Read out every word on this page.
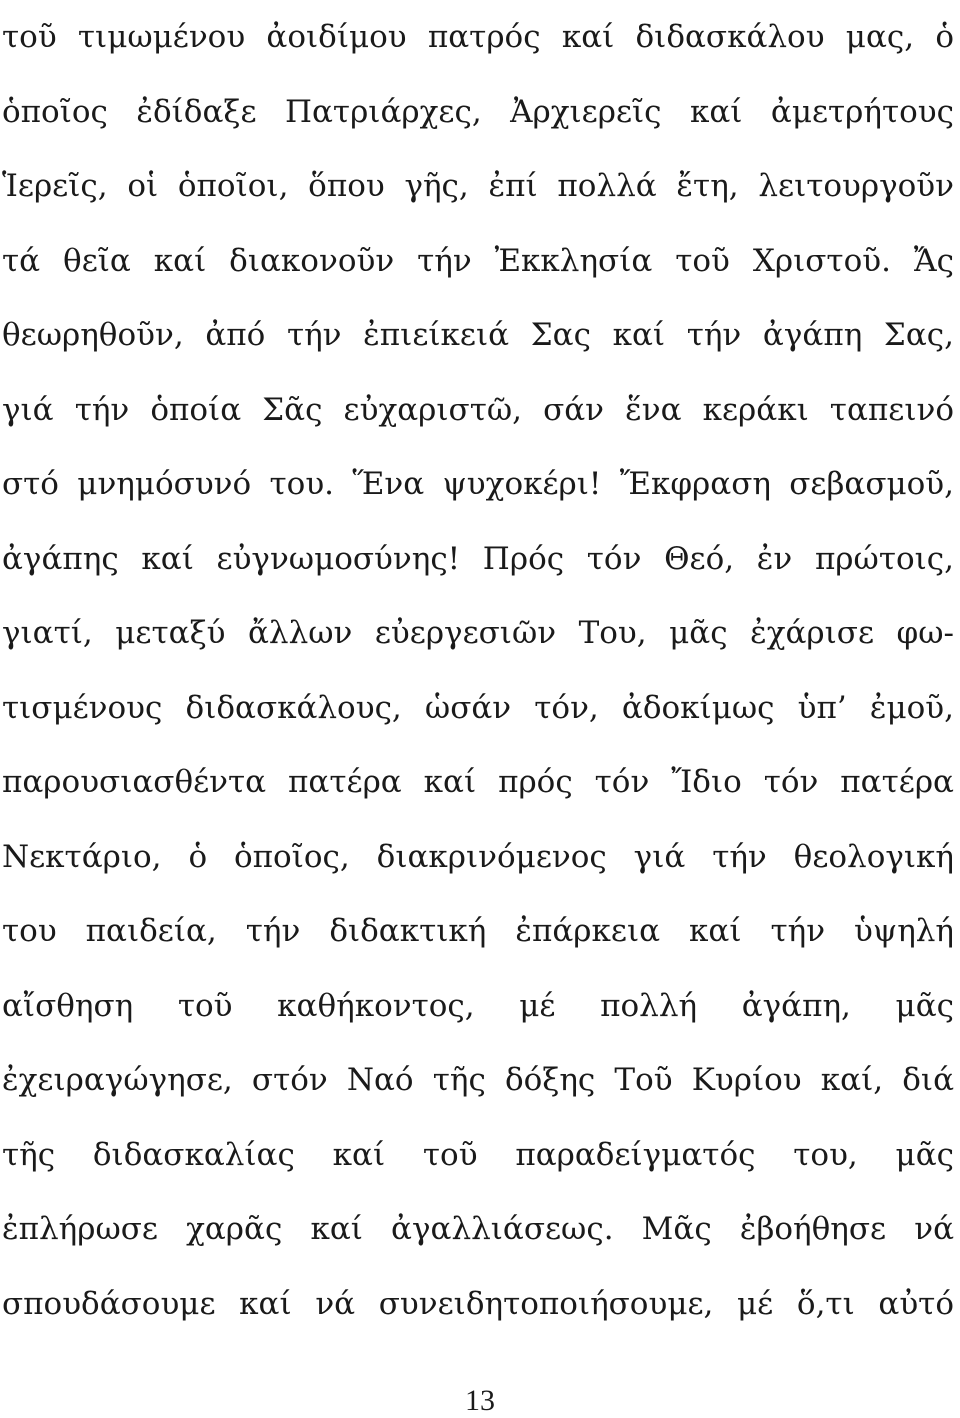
τοῦ τιμωμένου ἀοιδίμου πατρός καί διδασκάλου μας, ὁ
ὁποῖος ἐδίδαξε Πατριάρχες, Ἀρχιερεῖς καί ἀμετρήτους
Ἱερεῖς, οἱ ὁποῖοι, ὅπου γῆς, ἐπί πολλά ἔτη, λειτουργοῦν
τά θεῖα καί διακονοῦν τήν Ἐκκλησία τοῦ Χριστοῦ. Ἄς
θεωρηθοῦν, ἀπό τήν ἐπιείκειά Σας καί τήν ἀγάπη Σας,
γιά τήν ὁποία Σᾶς εὐχαριστῶ, σάν ἕνα κεράκι ταπεινό
στό μνημόσυνό του. Ἕνα ψυχοκέρι! Ἔκφραση σεβασμοῦ,
ἀγάπης καί εὐγνωμοσύνης! Πρός τόν Θεό, ἐν πρώτοις,
γιατί, μεταξύ ἄλλων εὐεργεσιῶν Του, μᾶς ἐχάρισε φω-
τισμένους διδασκάλους, ὡσάν τόν, ἀδοκίμως ὑπ’ ἐμοῦ,
παρουσιασθέντα πατέρα καί πρός τόν Ἴδιο τόν πατέρα
Νεκτάριο, ὁ ὁποῖος, διακρινόμενος γιά τήν θεολογική
του παιδεία, τήν διδακτική ἐπάρκεια καί τήν ὑψηλή
αἴσθηση τοῦ καθήκοντος, μέ πολλή ἀγάπη, μᾶς
ἐχειραγώγησε, στόν Ναό τῆς δόξης Τοῦ Κυρίου καί, διά
τῆς διδασκαλίας καί τοῦ παραδείγματός του, μᾶς
ἐπλήρωσε χαρᾶς καί ἀγαλλιάσεως. Μᾶς ἐβοήθησε νά
σπουδάσουμε καί νά συνειδητοποιήσουμε, μέ ὅ,τι αὐτό
13
